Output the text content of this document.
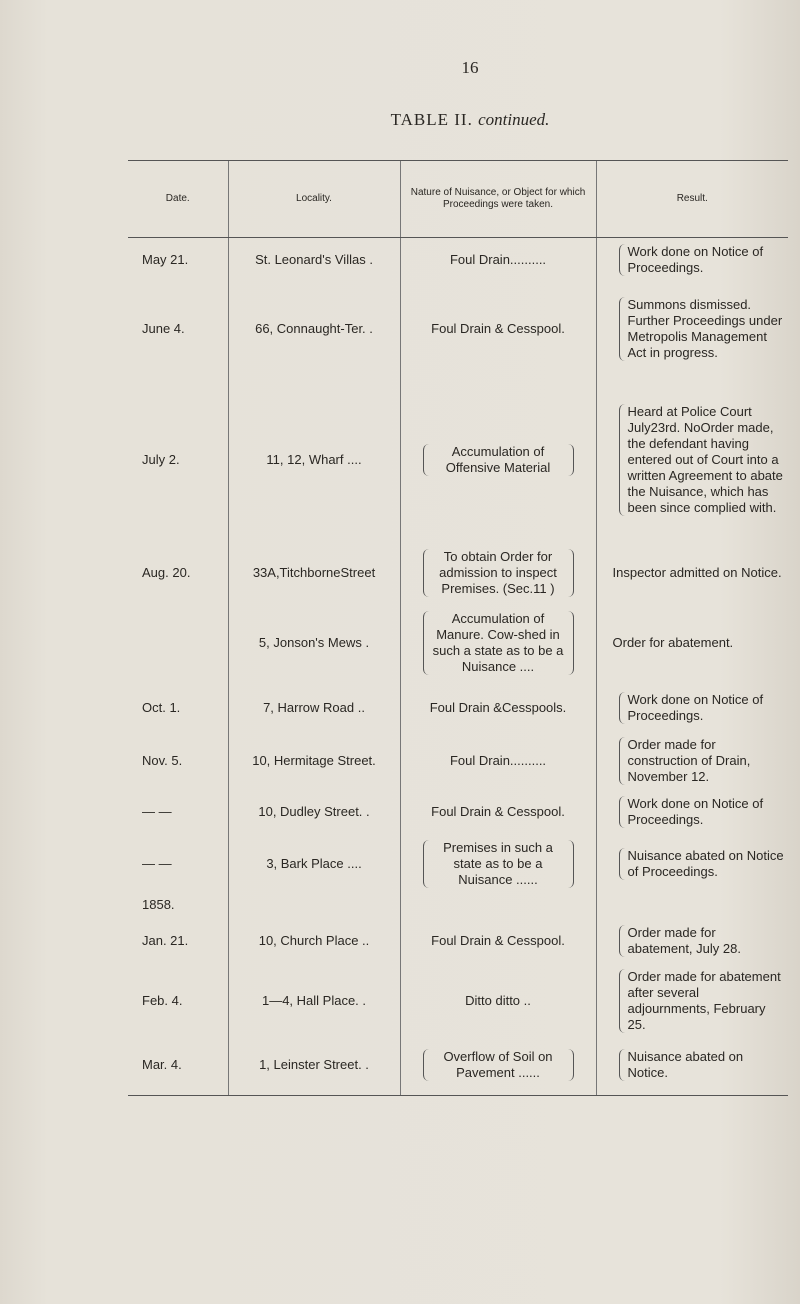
16
TABLE II. continued.
Date.	Locality.	Nature of Nuisance, or Object for which Proceedings were taken.	Result.
May 21.	St. Leonard's Villas .	Foul Drain..........	Work done on Notice of Proceedings.

June 4.	66, Connaught-Ter. .	Foul Drain & Cesspool.	Summons dismissed. Further Proceedings under Metropolis Management Act in progress.

July 2.	11, 12, Wharf ....	Accumulation of Offensive Material	Heard at Police Court July23rd. NoOrder made, the defendant having entered out of Court into a written Agreement to abate the Nuisance, which has been since complied with.

Aug. 20.	33A,TitchborneStreet	To obtain Order for admission to inspect Premises. (Sec.11 )	Inspector admitted on Notice.
	5, Jonson's Mews .	Accumulation of Manure. Cow-shed in such a state as to be a Nuisance ....	Order for abatement.
Oct. 1.	7, Harrow Road ..	Foul Drain &Cesspools.	Work done on Notice of Proceedings.

Nov. 5.	10, Hermitage Street.	Foul Drain..........	Order made for construction of Drain, November 12.

— —	10, Dudley Street. .	Foul Drain & Cesspool.	Work done on Notice of Proceedings.

— —	3, Bark Place ....	Premises in such a state as to be a Nuisance ......	Nuisance abated on Notice of Proceedings.

1858.			
Jan. 21.	10, Church Place ..	Foul Drain & Cesspool.	Order made for abatement, July 28.

Feb. 4.	1—4, Hall Place. .	Ditto ditto ..	Order made for abatement after several adjournments, February 25.

Mar. 4.	1, Leinster Street. .	Overflow of Soil on Pavement ......	Nuisance abated on Notice.
